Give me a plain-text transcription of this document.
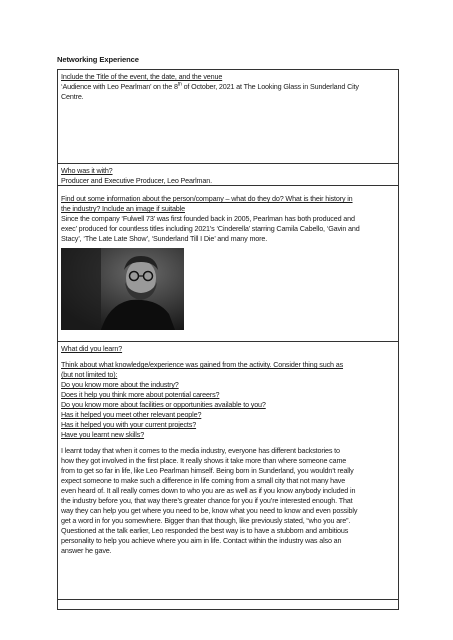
Networking Experience
Include the Title of the event, the date, and the venue
‘Audience with Leo Pearlman’ on the 8th of October, 2021 at The Looking Glass in Sunderland City
Centre.
Who was it with?
Producer and Executive Producer, Leo Pearlman.
Find out some information about the person/company – what do they do? What is their history in
the industry? Include an image if suitable
Since the company ‘Fulwell 73’ was first founded back in 2005, Pearlman has both produced and
exec’ produced for countless titles including 2021’s ‘Cinderella’ starring Camila Cabello, ‘Gavin and
Stacy’, ‘The Late Late Show’, ‘Sunderland Till I Die’ and many more.
What did you learn?
Think about what knowledge/experience was gained from the activity. Consider thing such as
(but not limited to):
Do you know more about the industry?
Does it help you think more about potential careers?
Do you know more about facilities or opportunities available to you?
Has it helped you meet other relevant people?
Has it helped you with your current projects?
Have you learnt new skills?
I learnt today that when it comes to the media industry, everyone has different backstories to
how they got involved in the first place. It really shows it take more than where someone came
from to get so far in life, like Leo Pearlman himself. Being born in Sunderland, you wouldn’t really
expect someone to make such a difference in life coming from a small city that not many have
even heard of. It all really comes down to who you are as well as if you know anybody included in
the industry before you, that way there’s greater chance for you if you’re interested enough. That
way they can help you get where you need to be, know what you need to know and even possibly
get a word in for you somewhere. Bigger than that though, like previously stated, “who you are”.
Questioned at the talk earlier, Leo responded the best way is to have a stubborn and ambitious
personality to help you achieve where you aim in life. Contact within the industry was also an
answer he gave.
